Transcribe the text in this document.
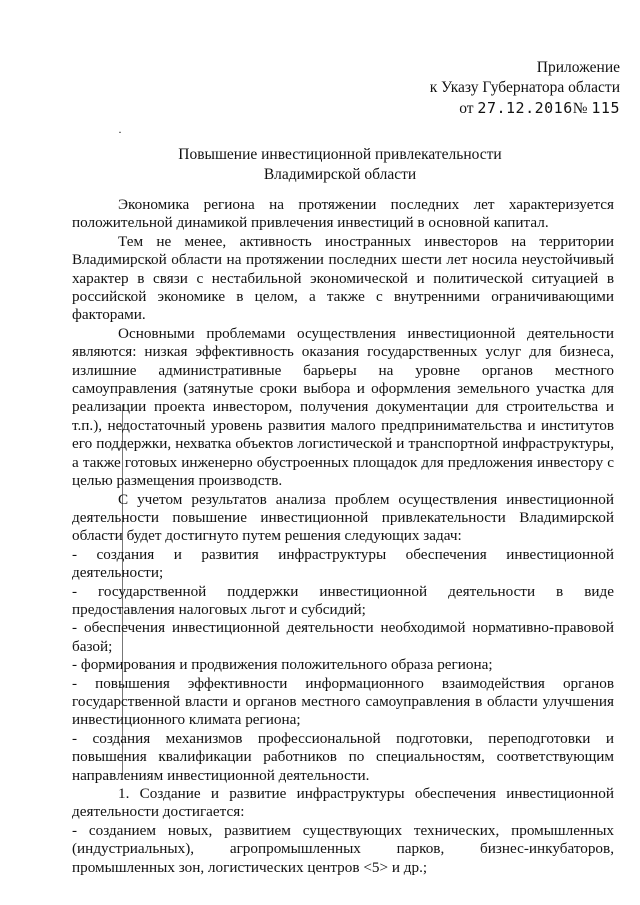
Приложение
к Указу Губернатора области
от 27.12.2016№ 115
·
Повышение инвестиционной привлекательности
Владимирской области

Экономика региона на протяжении последних лет характеризуется положительной динамикой привлечения инвестиций в основной капитал.

Тем не менее, активность иностранных инвесторов на территории Владимирской области на протяжении последних шести лет носила неустойчивый характер в связи с нестабильной экономической и политической ситуацией в российской экономике в целом, а также с внутренними ограничивающими факторами.

Основными проблемами осуществления инвестиционной деятельности являются: низкая эффективность оказания государственных услуг для бизнеса, излишние административные барьеры на уровне органов местного самоуправления (затянутые сроки выбора и оформления земельного участка для реализации проекта инвестором, получения документации для строительства и т.п.), недостаточный уровень развития малого предпринимательства и институтов его поддержки, нехватка объектов логистической и транспортной инфраструктуры, а также готовых инженерно обустроенных площадок для предложения инвестору с целью размещения производств.

С учетом результатов анализа проблем осуществления инвестиционной деятельности повышение инвестиционной привлекательности Владимирской области будет достигнуто путем решения следующих задач:

- создания и развития инфраструктуры обеспечения инвестиционной деятельности;

- государственной поддержки инвестиционной деятельности в виде предоставления налоговых льгот и субсидий;

- обеспечения инвестиционной деятельности необходимой нормативно-правовой базой;

- формирования и продвижения положительного образа региона;

- повышения эффективности информационного взаимодействия органов государственной власти и органов местного самоуправления в области улучшения инвестиционного климата региона;

- создания механизмов профессиональной подготовки, переподготовки и повышения квалификации работников по специальностям, соответствующим направлениям инвестиционной деятельности.

1. Создание и развитие инфраструктуры обеспечения инвестиционной деятельности достигается:

- созданием новых, развитием существующих технических, промышленных (индустриальных), агропромышленных парков, бизнес-инкубаторов, промышленных зон, логистических центров <5> и др.;
